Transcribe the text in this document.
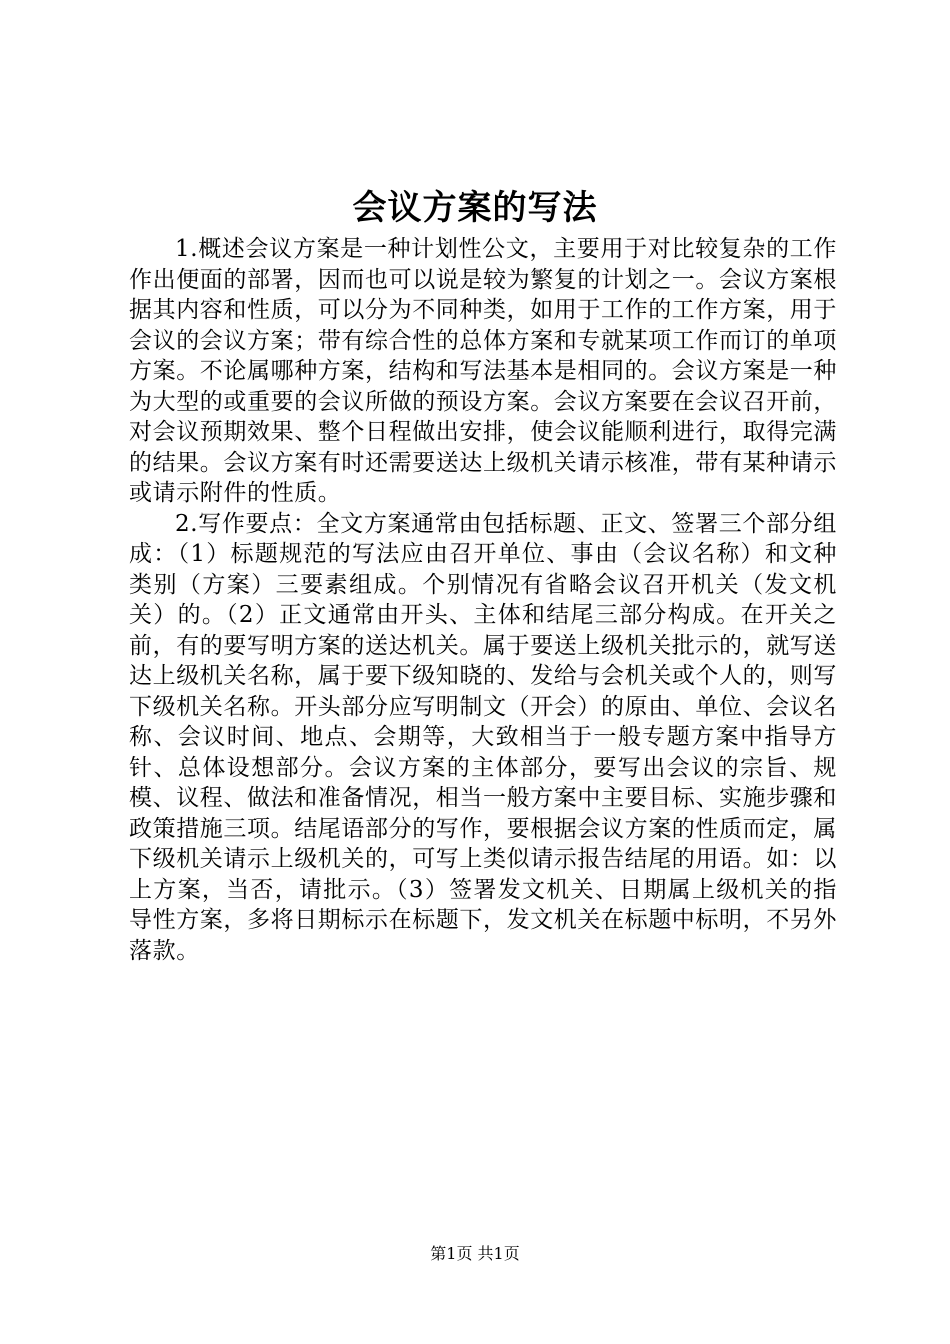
会议方案的写法

1.概述会议方案是一种计划性公文，主要用于对比较复杂的工作作出便面的部署，因而也可以说是较为繁复的计划之一。会议方案根据其内容和性质，可以分为不同种类，如用于工作的工作方案，用于会议的会议方案；带有综合性的总体方案和专就某项工作而订的单项方案。不论属哪种方案，结构和写法基本是相同的。会议方案是一种为大型的或重要的会议所做的预设方案。会议方案要在会议召开前，对会议预期效果、整个日程做出安排，使会议能顺利进行，取得完满的结果。会议方案有时还需要送达上级机关请示核准，带有某种请示或请示附件的性质。

2.写作要点：全文方案通常由包括标题、正文、签署三个部分组成：（1）标题规范的写法应由召开单位、事由（会议名称）和文种类别（方案）三要素组成。个别情况有省略会议召开机关（发文机关）的。（2）正文通常由开头、主体和结尾三部分构成。在开关之前，有的要写明方案的送达机关。属于要送上级机关批示的，就写送达上级机关名称，属于要下级知晓的、发给与会机关或个人的，则写下级机关名称。开头部分应写明制文（开会）的原由、单位、会议名称、会议时间、地点、会期等，大致相当于一般专题方案中指导方针、总体设想部分。会议方案的主体部分，要写出会议的宗旨、规模、议程、做法和准备情况，相当一般方案中主要目标、实施步骤和政策措施三项。结尾语部分的写作，要根据会议方案的性质而定，属下级机关请示上级机关的，可写上类似请示报告结尾的用语。如：以上方案，当否，请批示。（3）签署发文机关、日期属上级机关的指导性方案，多将日期标示在标题下，发文机关在标题中标明，不另外落款。

第1页 共1页
